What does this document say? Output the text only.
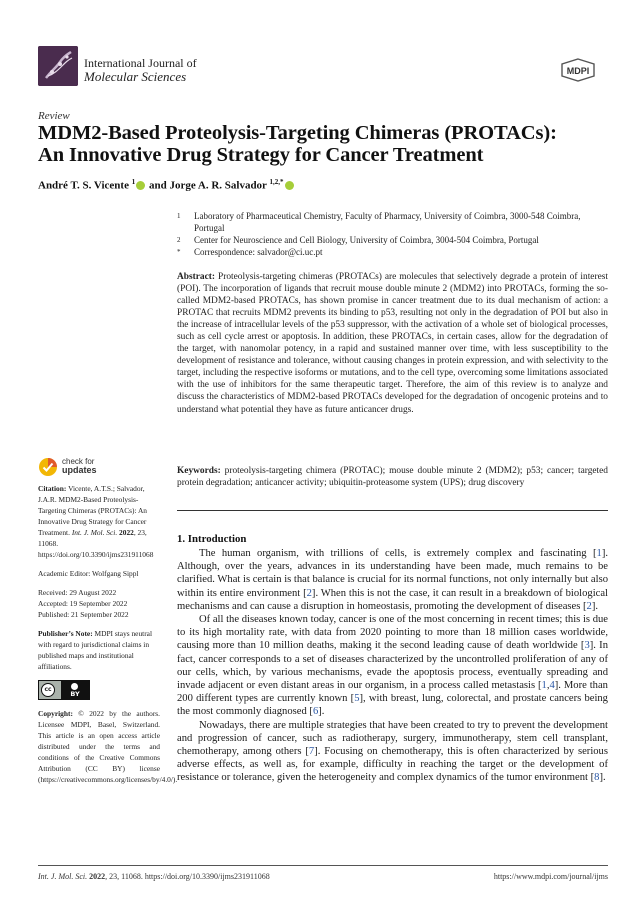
International Journal of
Molecular Sciences	MDPI
Review
MDM2-Based Proteolysis-Targeting Chimeras (PROTACs):
An Innovative Drug Strategy for Cancer Treatment
André T. S. Vicente $^1$ and Jorge A. R. Salvador $^{1,2,*}$
1 Laboratory of Pharmaceutical Chemistry, Faculty of Pharmacy, University of Coimbra, 3000-548 Coimbra, Portugal
2 Center for Neuroscience and Cell Biology, University of Coimbra, 3004-504 Coimbra, Portugal
* Correspondence: salvador@ci.uc.pt
Abstract: Proteolysis-targeting chimeras (PROTACs) are molecules that selectively degrade a protein of interest (POI). The incorporation of ligands that recruit mouse double minute 2 (MDM2) into PROTACs, forming the so-called MDM2-based PROTACs, has shown promise in cancer treatment due to its dual mechanism of action: a PROTAC that recruits MDM2 prevents its binding to p53, resulting not only in the degradation of POI but also in the increase of intracellular levels of the p53 suppressor, with the activation of a whole set of biological processes, such as cell cycle arrest or apoptosis. In addition, these PROTACs, in certain cases, allow for the degradation of the target, with nanomolar potency, in a rapid and sustained manner over time, with less susceptibility to the development of resistance and tolerance, without causing changes in protein expression, and with selectivity to the target, including the respective isoforms or mutations, and to the cell type, overcoming some limitations associated with the use of inhibitors for the same therapeutic target. Therefore, the aim of this review is to analyze and discuss the characteristics of MDM2-based PROTACs developed for the degradation of oncogenic proteins and to understand what potential they have as future anticancer drugs.
Keywords: proteolysis-targeting chimera (PROTAC); mouse double minute 2 (MDM2); p53; cancer; targeted protein degradation; anticancer activity; ubiquitin-proteasome system (UPS); drug discovery
check for
updates
Citation: Vicente, A.T.S.; Salvador, J.A.R. MDM2-Based Proteolysis-Targeting Chimeras (PROTACs): An Innovative Drug Strategy for Cancer Treatment. Int. J. Mol. Sci. 2022, 23, 11068. https://doi.org/10.3390/ijms231911068
Academic Editor: Wolfgang Sippl
Received: 29 August 2022
Accepted: 19 September 2022
Published: 21 September 2022
Publisher’s Note: MDPI stays neutral with regard to jurisdictional claims in published maps and institutional affiliations.
cc
BY
Copyright: © 2022 by the authors. Licensee MDPI, Basel, Switzerland. This article is an open access article distributed under the terms and conditions of the Creative Commons Attribution (CC BY) license (https://creativecommons.org/licenses/by/4.0/).
1. Introduction

The human organism, with trillions of cells, is extremely complex and fascinating [1]. Although, over the years, advances in its understanding have been made, much remains to be clarified. What is certain is that balance is crucial for its normal functions, not only internally but also within its entire environment [2]. When this is not the case, it can result in a breakdown of biological mechanisms and can cause a disruption in homeostasis, promoting the development of diseases [2].

Of all the diseases known today, cancer is one of the most concerning in recent times; this is due to its high mortality rate, with data from 2020 pointing to more than 18 million cases worldwide, causing more than 10 million deaths, making it the second leading cause of death worldwide [3]. In fact, cancer corresponds to a set of diseases characterized by the uncontrolled proliferation of any of our cells, which, by various mechanisms, evade the apoptosis process, eventually spreading and invade adjacent or even distant areas in our organism, in a process called metastasis [1,4]. More than 200 different types are currently known [5], with breast, lung, colorectal, and prostate cancers being the most commonly diagnosed [6].

Nowadays, there are multiple strategies that have been created to try to prevent the development and progression of cancer, such as radiotherapy, surgery, immunotherapy, stem cell transplant, chemotherapy, among others [7]. Focusing on chemotherapy, this is often characterized by serious adverse effects, as well as, for example, difficulty in reaching the target or the development of resistance or tolerance, given the heterogeneity and complex dynamics of the tumor environment [8].

Int. J. Mol. Sci. 2022, 23, 11068. https://doi.org/10.3390/ijms231911068	https://www.mdpi.com/journal/ijms
